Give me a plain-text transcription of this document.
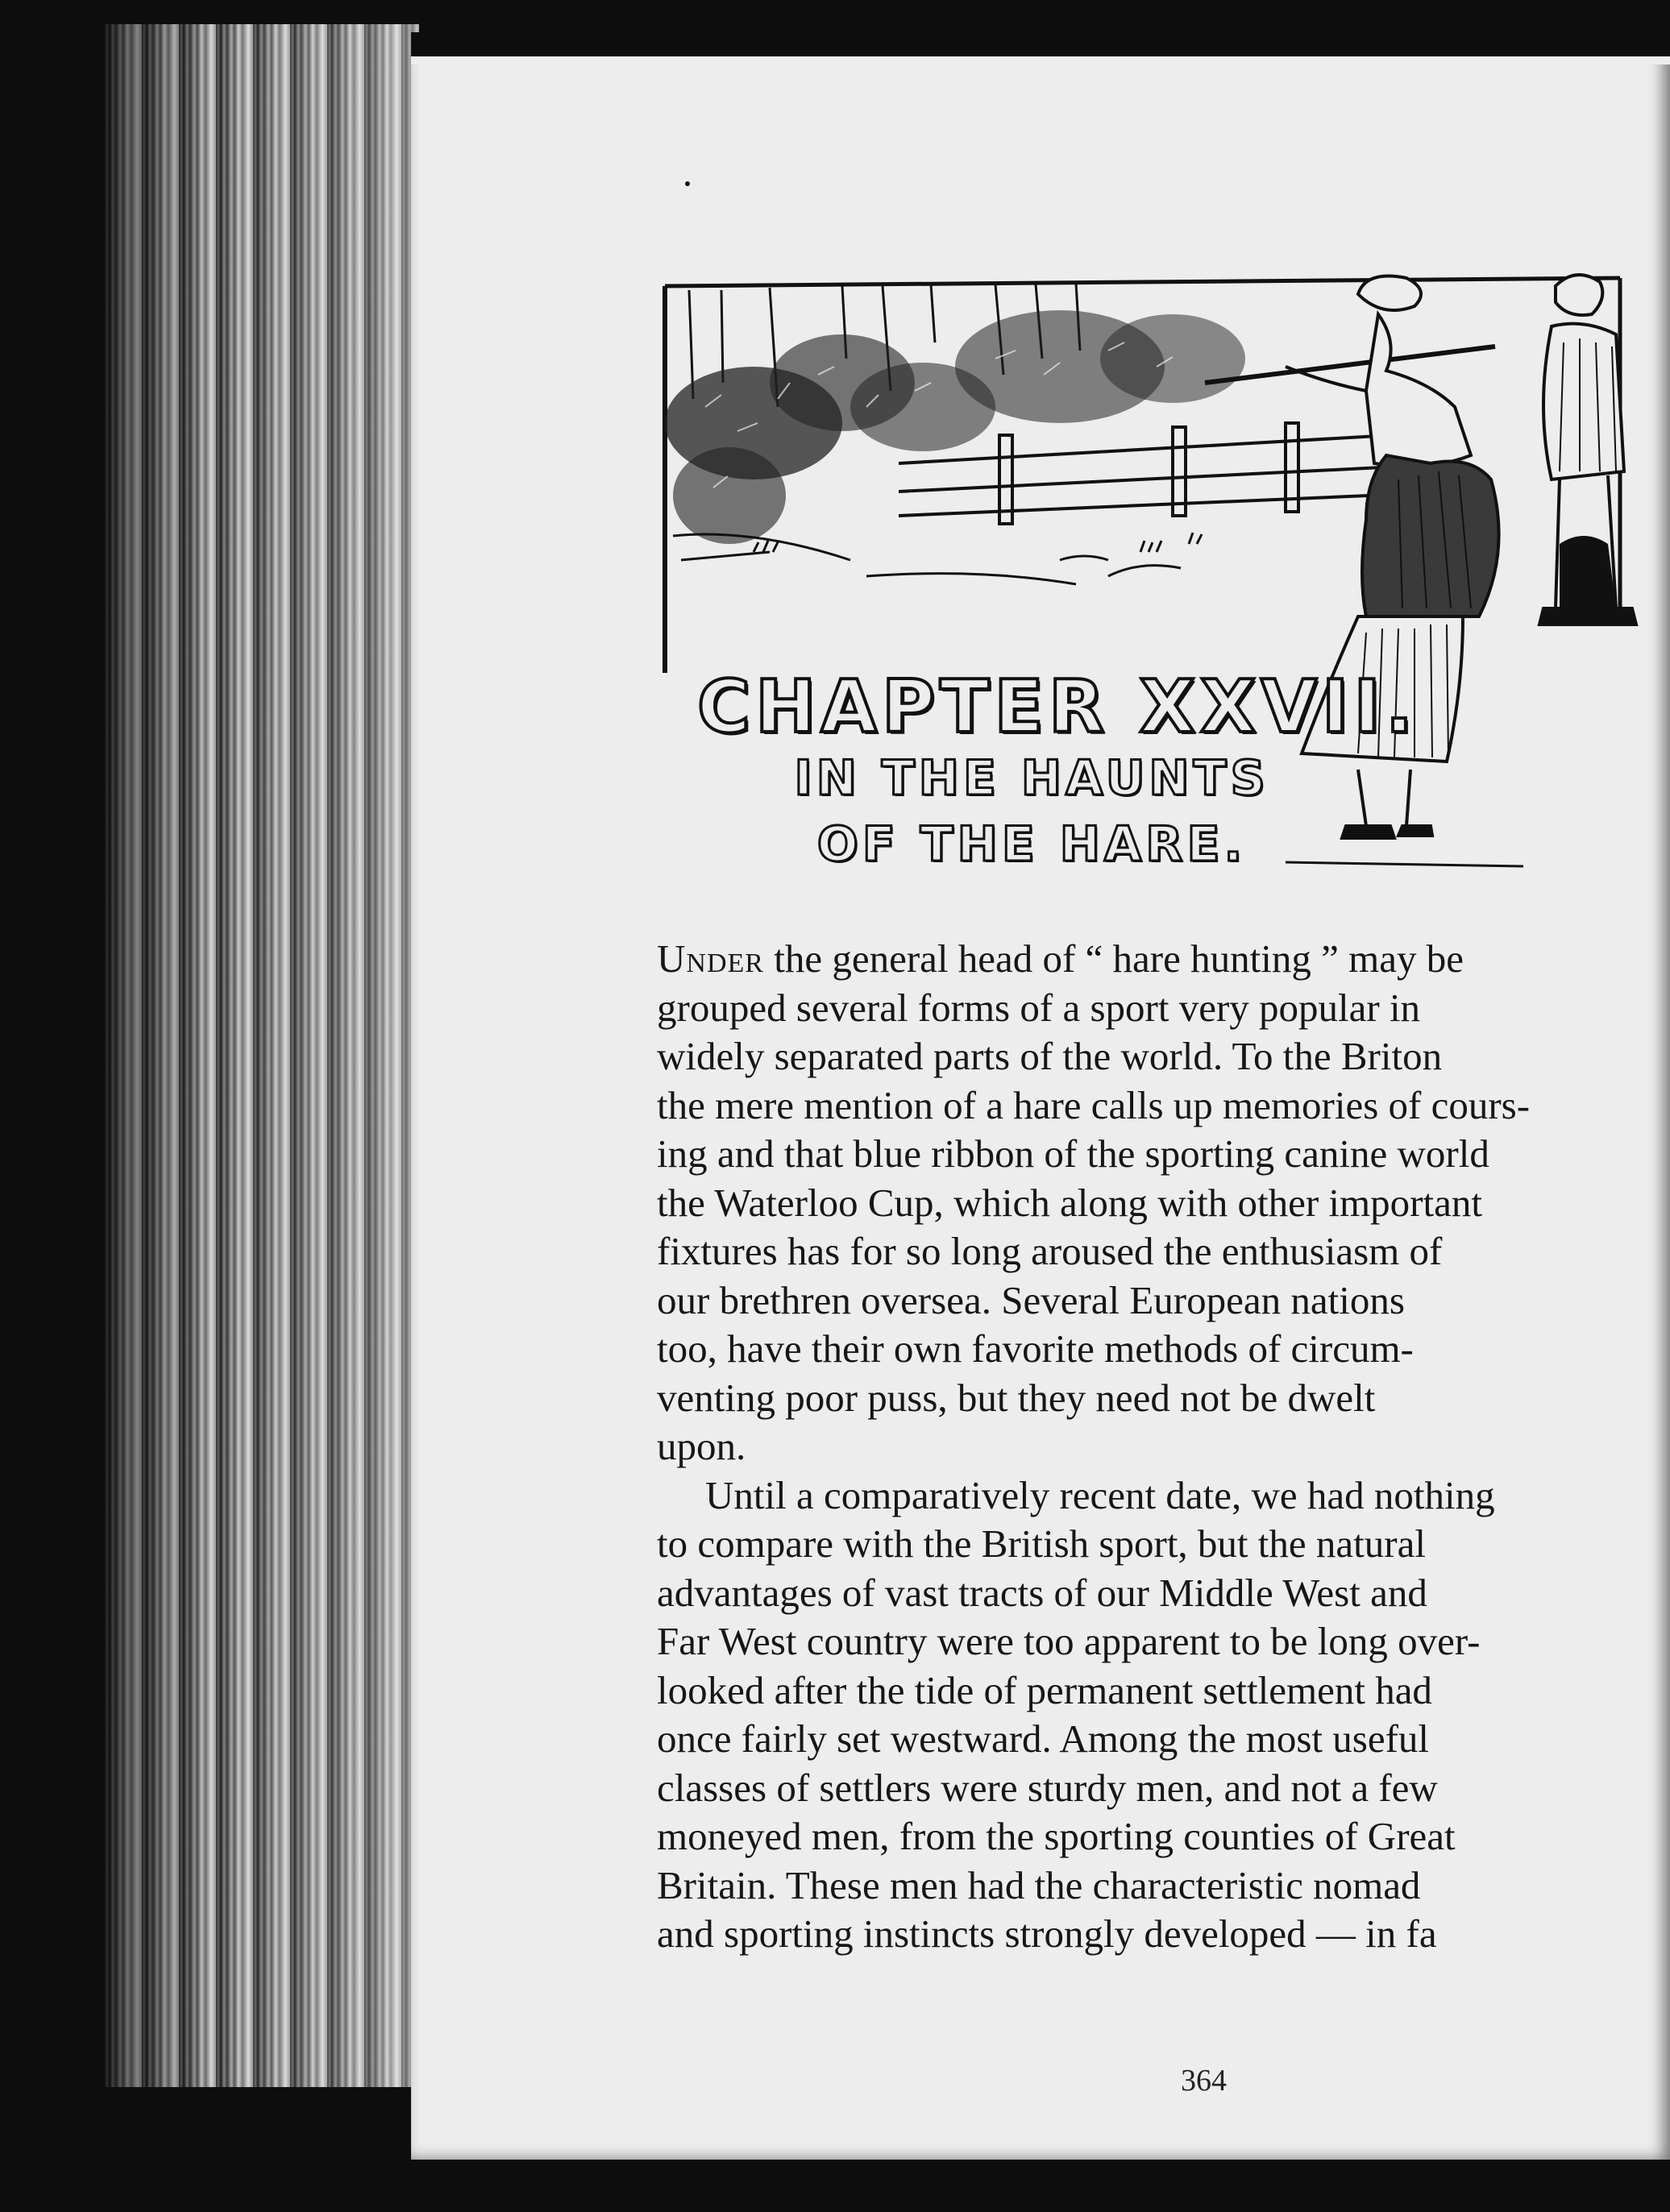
CHAPTER XXVII.
IN THE HAUNTS
OF THE HARE.
Under the general head of “ hare hunting ” may be
grouped several forms of a sport very popular in
widely separated parts of the world. To the Briton
the mere mention of a hare calls up memories of cours-
ing and that blue ribbon of the sporting canine world
the Waterloo Cup, which along with other important
fixtures has for so long aroused the enthusiasm of
our brethren oversea. Several European nations
too, have their own favorite methods of circum-
venting poor puss, but they need not be dwelt
upon.
Until a comparatively recent date, we had nothing
to compare with the British sport, but the natural
advantages of vast tracts of our Middle West and
Far West country were too apparent to be long over-
looked after the tide of permanent settlement had
once fairly set westward. Among the most useful
classes of settlers were sturdy men, and not a few
moneyed men, from the sporting counties of Great
Britain. These men had the characteristic nomad
and sporting instincts strongly developed — in fa
364
